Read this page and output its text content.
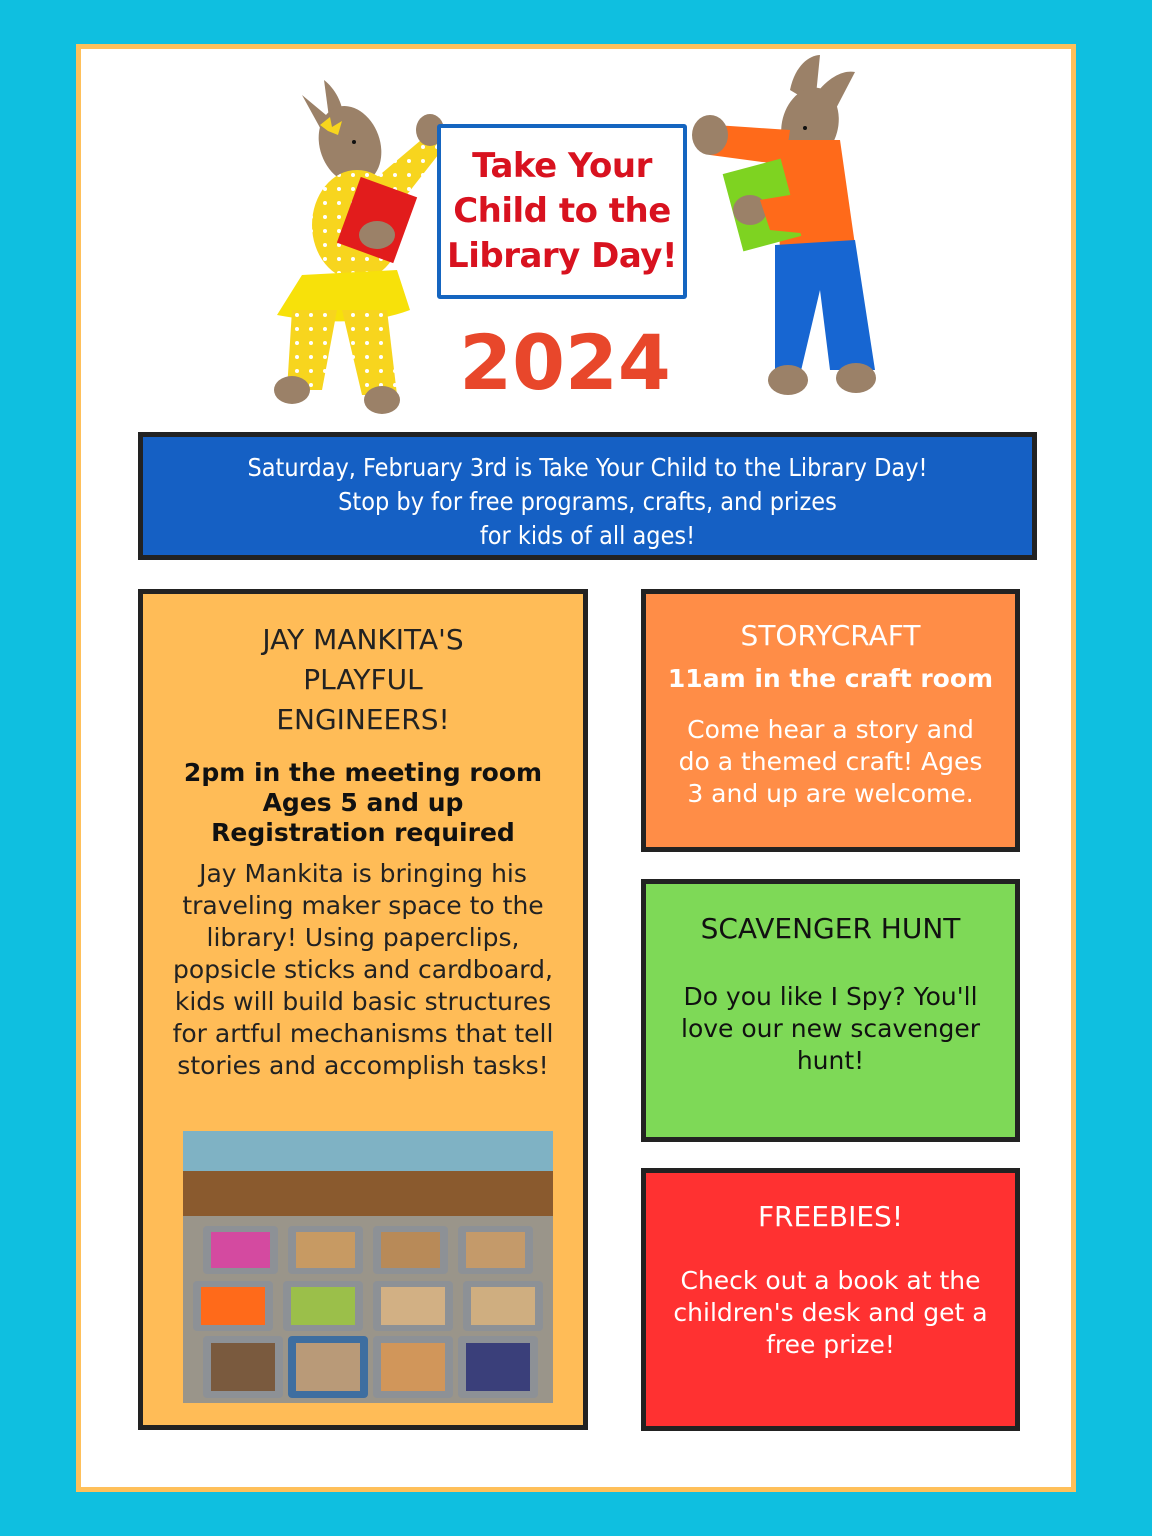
Take Your
Child to the
Library Day!
2024
Saturday, February 3rd is Take Your Child to the Library Day!
Stop by for free programs, crafts, and prizes
for kids of all ages!
JAY MANKITA'S
PLAYFUL
ENGINEERS!
2pm in the meeting room
Ages 5 and up
Registration required
Jay Mankita is bringing his traveling maker space to the library! Using paperclips, popsicle sticks and cardboard, kids will build basic structures for artful mechanisms that tell stories and accomplish tasks!
STORYCRAFT
11am in the craft room
Come hear a story and do a themed craft! Ages 3 and up are welcome.
SCAVENGER HUNT
Do you like I Spy? You'll love our new scavenger hunt!
FREEBIES!
Check out a book at the children's desk and get a free prize!
